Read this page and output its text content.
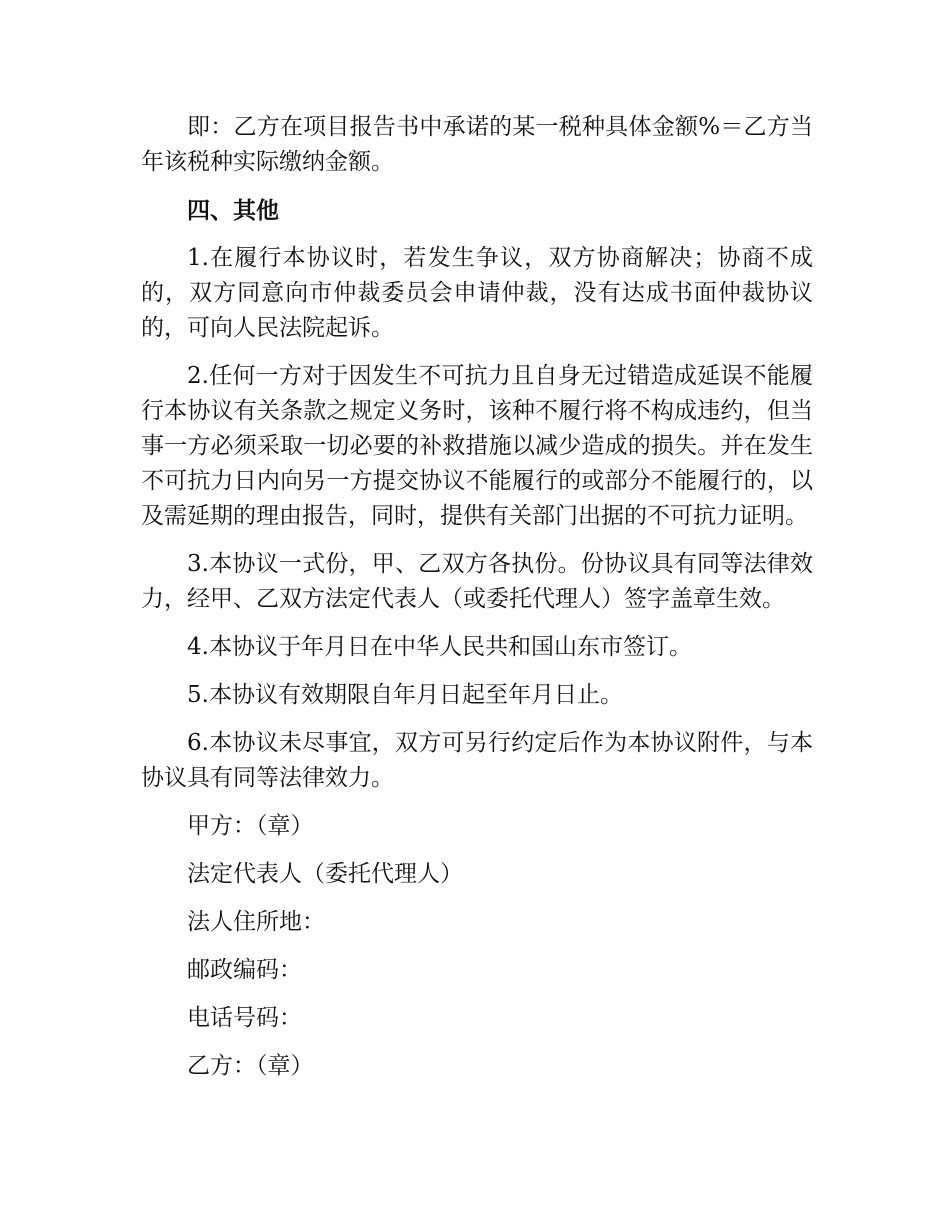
即：乙方在项目报告书中承诺的某一税种具体金额%＝乙方当年该税种实际缴纳金额。

四、其他

1.在履行本协议时，若发生争议，双方协商解决；协商不成的，双方同意向市仲裁委员会申请仲裁，没有达成书面仲裁协议的，可向人民法院起诉。

2.任何一方对于因发生不可抗力且自身无过错造成延误不能履行本协议有关条款之规定义务时，该种不履行将不构成违约，但当事一方必须采取一切必要的补救措施以减少造成的损失。并在发生不可抗力日内向另一方提交协议不能履行的或部分不能履行的，以及需延期的理由报告，同时，提供有关部门出据的不可抗力证明。

3.本协议一式份，甲、乙双方各执份。份协议具有同等法律效力，经甲、乙双方法定代表人（或委托代理人）签字盖章生效。

4.本协议于年月日在中华人民共和国山东市签订。

5.本协议有效期限自年月日起至年月日止。

6.本协议未尽事宜，双方可另行约定后作为本协议附件，与本协议具有同等法律效力。

甲方：（章）

法定代表人（委托代理人）

法人住所地：

邮政编码：

电话号码：

乙方：（章）
